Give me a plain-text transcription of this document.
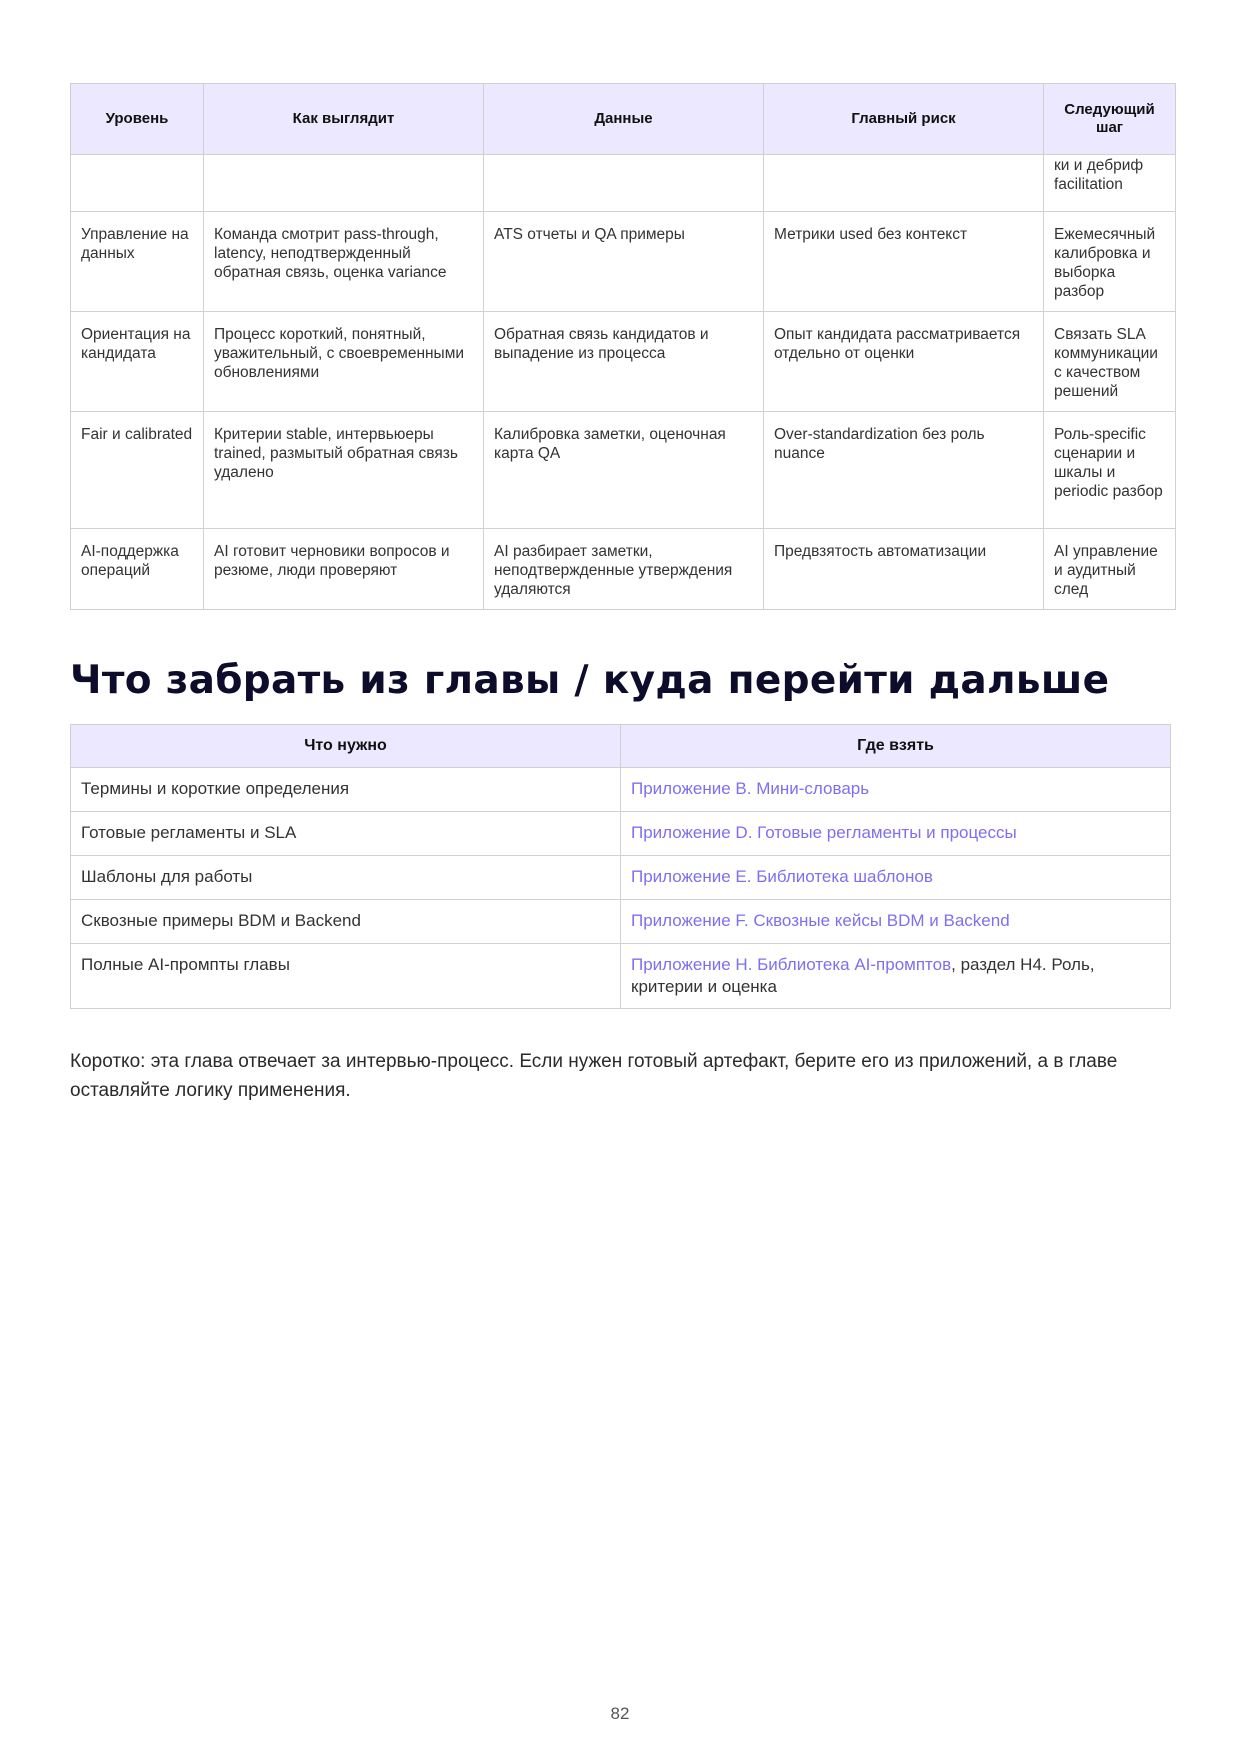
Уровень	Как выглядит	Данные	Главный риск	Следующий шаг
				ки и дебриф facilitation
Управление на данных	Команда смотрит pass-through, latency, неподтвержденный обратная связь, оценка variance	ATS отчеты и QA примеры	Метрики used без контекст	Ежемесячный калибровка и выборка разбор
Ориентация на кандидата	Процесс короткий, понятный, уважительный, с своевременными обновлениями	Обратная связь кандидатов и выпадение из процесса	Опыт кандидата рассматривается отдельно от оценки	Связать SLA коммуникации с качеством решений
Fair и calibrated	Критерии stable, интервьюеры trained, размытый обратная связь удалено	Калибровка заметки, оценочная карта QA	Over-standardization без роль nuance	Роль-specific сценарии и шкалы и periodic разбор
AI-поддержка операций	AI готовит черновики вопросов и резюме, люди проверяют	AI разбирает заметки, неподтвержденные утверждения удаляются	Предвзятость автоматизации	AI управление и аудитный след
Что забрать из главы / куда перейти дальше
Что нужно	Где взять
Термины и короткие определения	Приложение B. Мини-словарь
Готовые регламенты и SLA	Приложение D. Готовые регламенты и процессы
Шаблоны для работы	Приложение E. Библиотека шаблонов
Сквозные примеры BDM и Backend	Приложение F. Сквозные кейсы BDM и Backend
Полные AI-промпты главы	Приложение H. Библиотека AI-промптов, раздел H4. Роль, критерии и оценка

Коротко: эта глава отвечает за интервью-процесс. Если нужен готовый артефакт, берите его из приложений, а в главе оставляйте логику применения.

82
